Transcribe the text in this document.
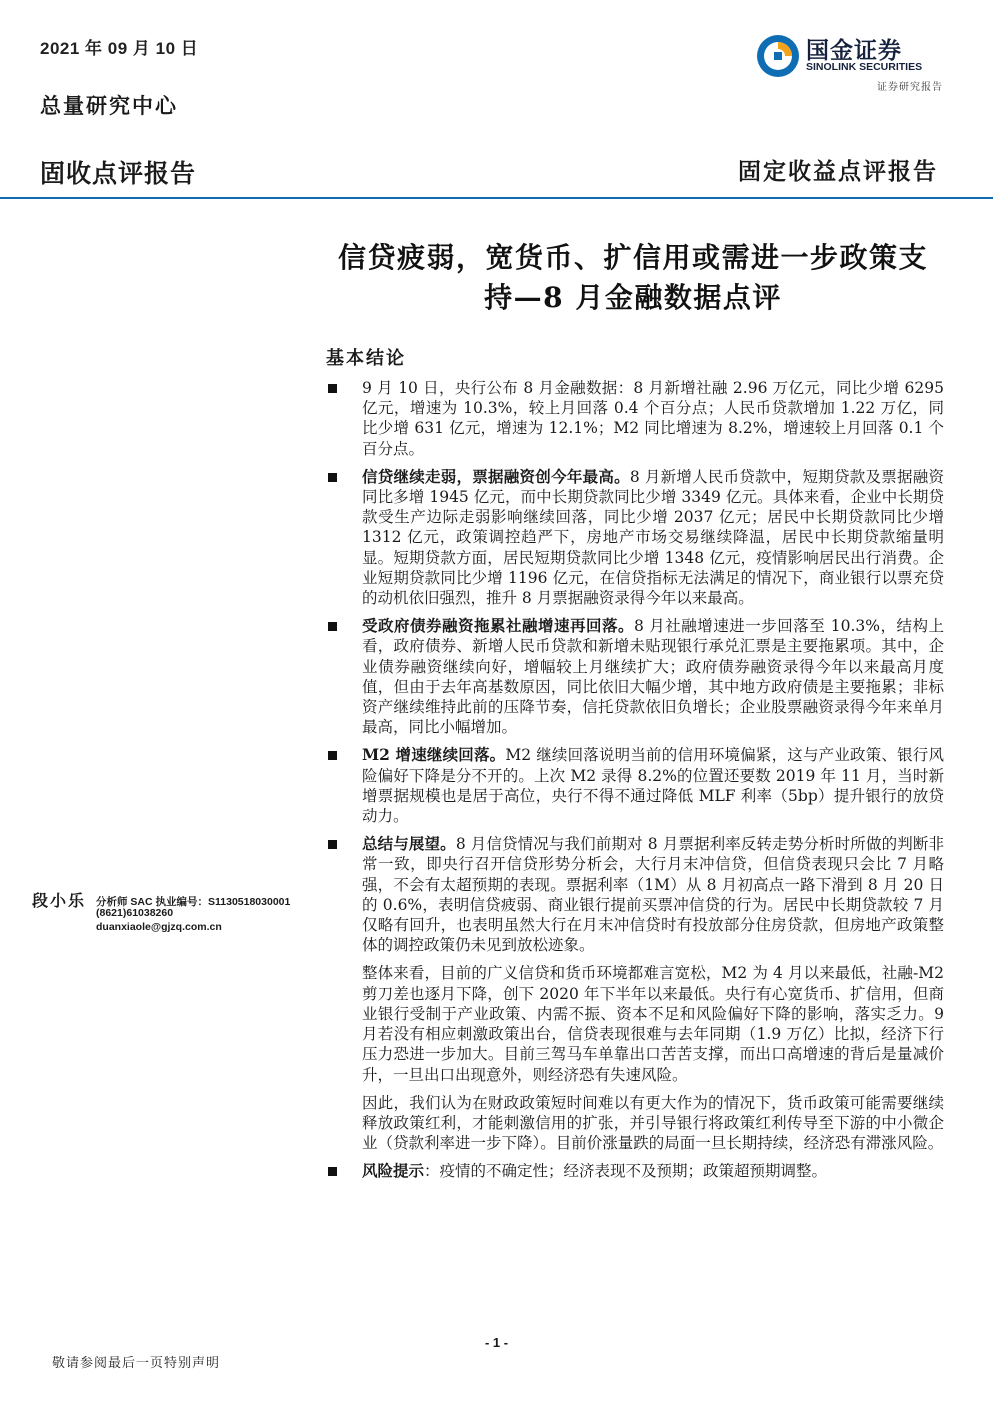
2021 年 09 月 10 日
总量研究中心
固收点评报告	固定收益点评报告
国金证券
SINOLINK SECURITIES
证券研究报告
信贷疲弱，宽货币、扩信用或需进一步政策支
持—8 月金融数据点评
基本结论
9 月 10 日，央行公布 8 月金融数据：8 月新增社融 2.96 万亿元，同比少增 6295 亿元，增速为 10.3%，较上月回落 0.4 个百分点；人民币贷款增加 1.22 万亿，同比少增 631 亿元，增速为 12.1%；M2 同比增速为 8.2%，增速较上月回落 0.1 个百分点。
信贷继续走弱，票据融资创今年最高。8 月新增人民币贷款中，短期贷款及票据融资同比多增 1945 亿元，而中长期贷款同比少增 3349 亿元。具体来看，企业中长期贷款受生产边际走弱影响继续回落，同比少增 2037 亿元；居民中长期贷款同比少增 1312 亿元，政策调控趋严下，房地产市场交易继续降温，居民中长期贷款缩量明显。短期贷款方面，居民短期贷款同比少增 1348 亿元，疫情影响居民出行消费。企业短期贷款同比少增 1196 亿元，在信贷指标无法满足的情况下，商业银行以票充贷的动机依旧强烈，推升 8 月票据融资录得今年以来最高。
受政府债券融资拖累社融增速再回落。8 月社融增速进一步回落至 10.3%，结构上看，政府债券、新增人民币贷款和新增未贴现银行承兑汇票是主要拖累项。其中，企业债券融资继续向好，增幅较上月继续扩大；政府债券融资录得今年以来最高月度值，但由于去年高基数原因，同比依旧大幅少增，其中地方政府债是主要拖累；非标资产继续维持此前的压降节奏，信托贷款依旧负增长；企业股票融资录得今年来单月最高，同比小幅增加。
M2 增速继续回落。M2 继续回落说明当前的信用环境偏紧，这与产业政策、银行风险偏好下降是分不开的。上次 M2 录得 8.2%的位置还要数 2019 年 11 月，当时新增票据规模也是居于高位，央行不得不通过降低 MLF 利率（5bp）提升银行的放贷动力。
总结与展望。8 月信贷情况与我们前期对 8 月票据利率反转走势分析时所做的判断非常一致，即央行召开信贷形势分析会，大行月末冲信贷，但信贷表现只会比 7 月略强，不会有太超预期的表现。票据利率（1M）从 8 月初高点一路下滑到 8 月 20 日的 0.6%，表明信贷疲弱、商业银行提前买票冲信贷的行为。居民中长期贷款较 7 月仅略有回升，也表明虽然大行在月末冲信贷时有投放部分住房贷款，但房地产政策整体的调控政策仍未见到放松迹象。
整体来看，目前的广义信贷和货币环境都难言宽松，M2 为 4 月以来最低，社融-M2 剪刀差也逐月下降，创下 2020 年下半年以来最低。央行有心宽货币、扩信用，但商业银行受制于产业政策、内需不振、资本不足和风险偏好下降的影响，落实乏力。9 月若没有相应刺激政策出台，信贷表现很难与去年同期（1.9 万亿）比拟，经济下行压力恐进一步加大。目前三驾马车单靠出口苦苦支撑，而出口高增速的背后是量减价升，一旦出口出现意外，则经济恐有失速风险。
因此，我们认为在财政政策短时间难以有更大作为的情况下，货币政策可能需要继续释放政策红利，才能刺激信用的扩张，并引导银行将政策红利传导至下游的中小微企业（贷款利率进一步下降）。目前价涨量跌的局面一旦长期持续，经济恐有滞涨风险。
风险提示：疫情的不确定性；经济表现不及预期；政策超预期调整。
段小乐 分析师 SAC 执业编号：S1130518030001
(8621)61038260
duanxiaole@gjzq.com.cn
- 1 -
敬请参阅最后一页特别声明
